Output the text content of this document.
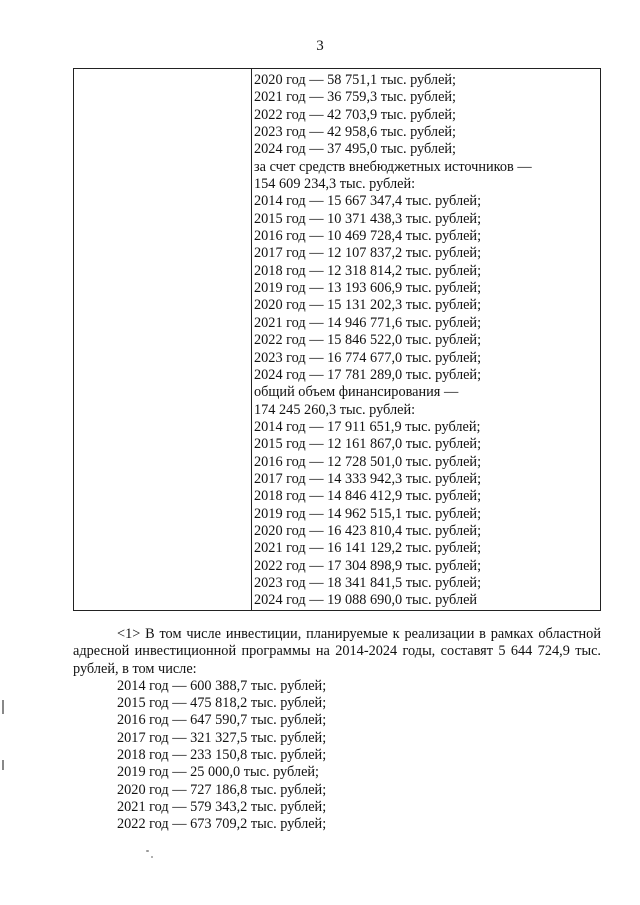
3
2020 год — 58 751,1 тыс. рублей;
2021 год — 36 759,3 тыс. рублей;
2022 год — 42 703,9 тыс. рублей;
2023 год — 42 958,6 тыс. рублей;
2024 год — 37 495,0 тыс. рублей;
за счет средств внебюджетных источников —
154 609 234,3 тыс. рублей:
2014 год — 15 667 347,4 тыс. рублей;
2015 год — 10 371 438,3 тыс. рублей;
2016 год — 10 469 728,4 тыс. рублей;
2017 год — 12 107 837,2 тыс. рублей;
2018 год — 12 318 814,2 тыс. рублей;
2019 год — 13 193 606,9 тыс. рублей;
2020 год — 15 131 202,3 тыс. рублей;
2021 год — 14 946 771,6 тыс. рублей;
2022 год — 15 846 522,0 тыс. рублей;
2023 год — 16 774 677,0 тыс. рублей;
2024 год — 17 781 289,0 тыс. рублей;
общий объем финансирования —
174 245 260,3 тыс. рублей:
2014 год — 17 911 651,9 тыс. рублей;
2015 год — 12 161 867,0 тыс. рублей;
2016 год — 12 728 501,0 тыс. рублей;
2017 год — 14 333 942,3 тыс. рублей;
2018 год — 14 846 412,9 тыс. рублей;
2019 год — 14 962 515,1 тыс. рублей;
2020 год — 16 423 810,4 тыс. рублей;
2021 год — 16 141 129,2 тыс. рублей;
2022 год — 17 304 898,9 тыс. рублей;
2023 год — 18 341 841,5 тыс. рублей;
2024 год — 19 088 690,0 тыс. рублей

<1> В том числе инвестиции, планируемые к реализации в рамках областной адресной инвестиционной программы на 2014-2024 годы, составят 5 644 724,9 тыс. рублей, в том числе:

2014 год — 600 388,7 тыс. рублей;
2015 год — 475 818,2 тыс. рублей;
2016 год — 647 590,7 тыс. рублей;
2017 год — 321 327,5 тыс. рублей;
2018 год — 233 150,8 тыс. рублей;
2019 год — 25 000,0 тыс. рублей;
2020 год — 727 186,8 тыс. рублей;
2021 год — 579 343,2 тыс. рублей;
2022 год — 673 709,2 тыс. рублей;
